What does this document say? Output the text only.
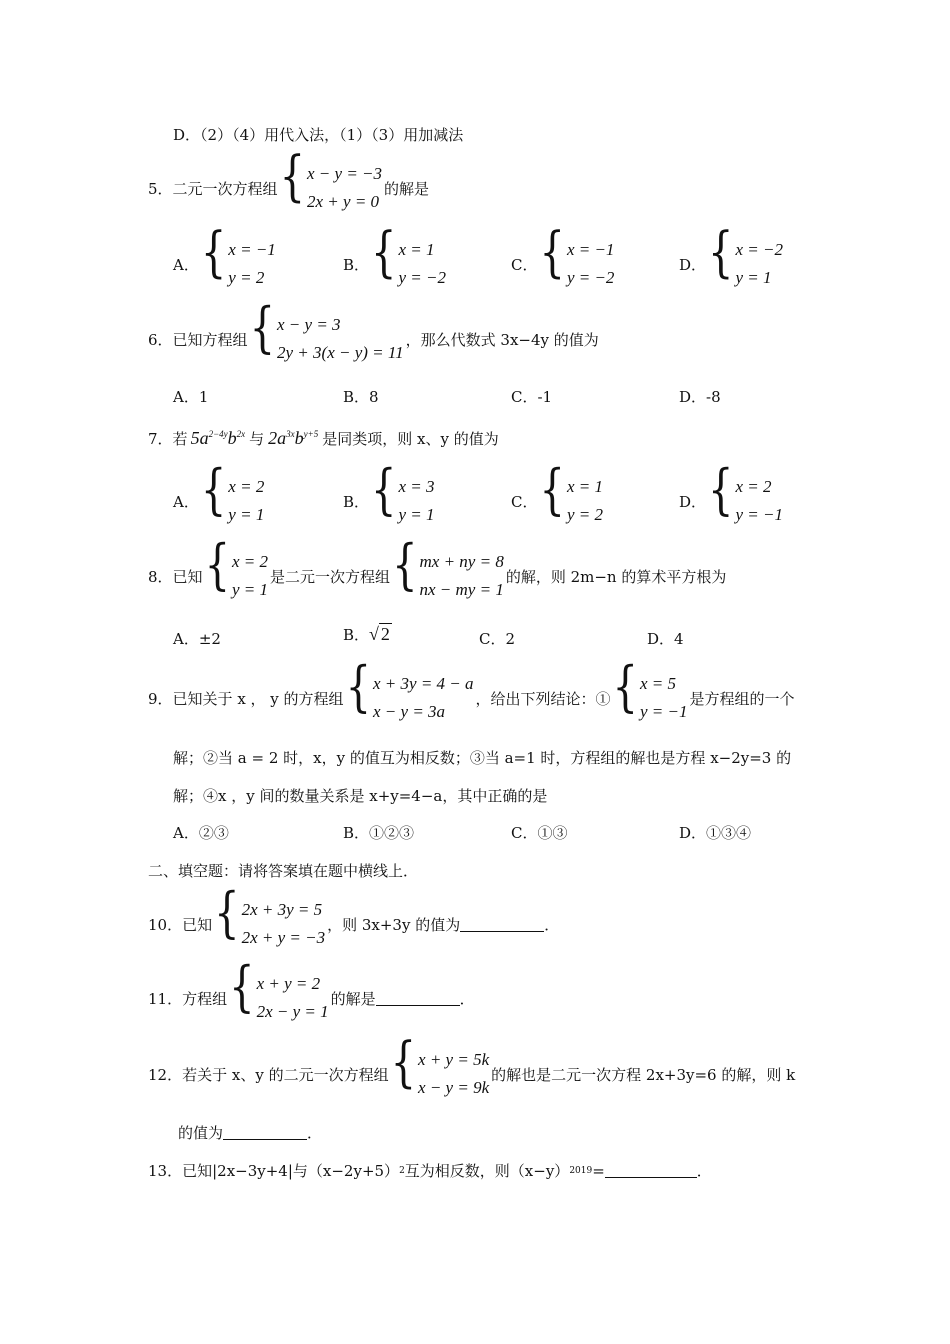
D．（2）（4）用代入法，（1）（3）用加减法
5． 二元一次方程组 { x − y = −3
2x + y = 0
的解是
A． { x = −1
y = 2
B． { x = 1
y = −2
C． { x = −1
y = −2
D． { x = −2
y = 1
6． 已知方程组 { x − y = 3
2y + 3(x − y) = 11
，那么代数式 3x−4y 的值为
A．1	B．8	C．-1	D．-8
7． 若 $5a^{2-4y}b^{2x}$ 与 $2a^{3x}b^{y+5}$ 是同类项，则 x、y 的值为
A． { x = 2
y = 1
B． { x = 3
y = 1
C． { x = 1
y = 2
D． { x = 2
y = −1
8． 已知 { x = 2
y = 1
是二元一次方程组 { mx + ny = 8
nx − my = 1
的解，则 2m−n 的算术平方根为
A．±2	B． √ 2	C．2	D．4
9． 已知关于 x ， y 的方程组 { x + 3y = 4 − a
x − y = 3a
，给出下列结论：① { x = 5
y = −1
是方程组的一个
解；②当 a = 2 时，x，y 的值互为相反数；③当 a=1 时，方程组的解也是方程 x−2y=3 的
解；④x ，y 间的数量关系是 x+y=4−a，其中正确的是
A．②③	B．①②③	C．①③	D．①③④
二、填空题：请将答案填在题中横线上．
10． 已知 { 2x + 3y = 5
2x + y = −3
，则 3x+3y 的值为	．
11． 方程组 { x + y = 2
2x − y = 1
的解是	．
12． 若关于 x、y 的二元一次方程组 { x + y = 5k
x − y = 9k
的解也是二元一次方程 2x+3y=6 的解，则 k
的值为	．
13． 已知|2x−3y+4|与（x−2y+5） 2 互为相反数，则（x−y） 2019 =	．
